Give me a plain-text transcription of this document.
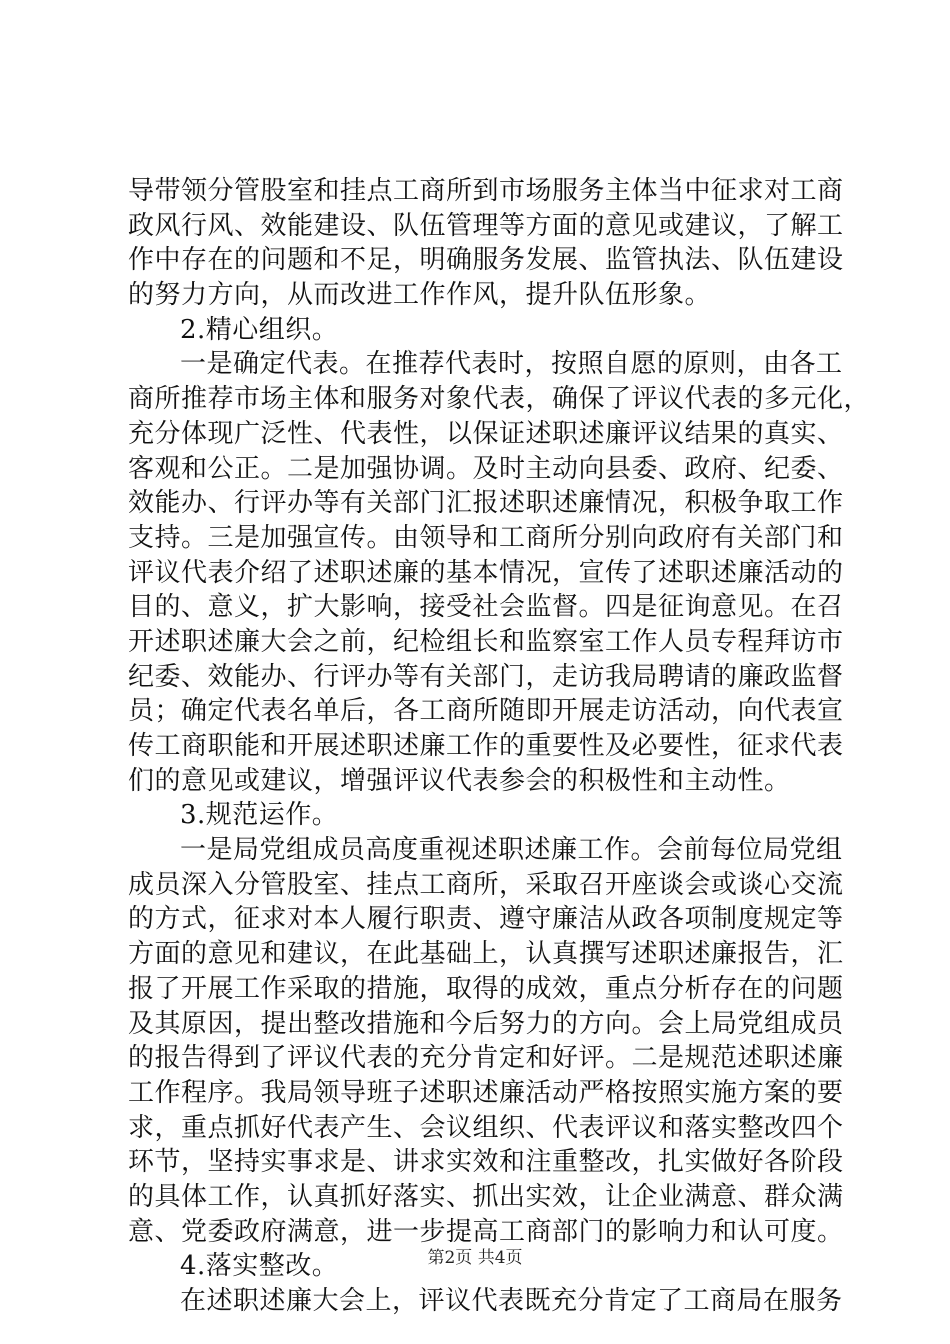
导带领分管股室和挂点工商所到市场服务主体当中征求对工商
政风行风、效能建设、队伍管理等方面的意见或建议，了解工
作中存在的问题和不足，明确服务发展、监管执法、队伍建设
的努力方向，从而改进工作作风，提升队伍形象。
2.精心组织。
一是确定代表。在推荐代表时，按照自愿的原则，由各工
商所推荐市场主体和服务对象代表，确保了评议代表的多元化，
充分体现广泛性、代表性，以保证述职述廉评议结果的真实、
客观和公正。二是加强协调。及时主动向县委、政府、纪委、
效能办、行评办等有关部门汇报述职述廉情况，积极争取工作
支持。三是加强宣传。由领导和工商所分别向政府有关部门和
评议代表介绍了述职述廉的基本情况，宣传了述职述廉活动的
目的、意义，扩大影响，接受社会监督。四是征询意见。在召
开述职述廉大会之前，纪检组长和监察室工作人员专程拜访市
纪委、效能办、行评办等有关部门，走访我局聘请的廉政监督
员；确定代表名单后，各工商所随即开展走访活动，向代表宣
传工商职能和开展述职述廉工作的重要性及必要性，征求代表
们的意见或建议，增强评议代表参会的积极性和主动性。
3.规范运作。
一是局党组成员高度重视述职述廉工作。会前每位局党组
成员深入分管股室、挂点工商所，采取召开座谈会或谈心交流
的方式，征求对本人履行职责、遵守廉洁从政各项制度规定等
方面的意见和建议，在此基础上，认真撰写述职述廉报告，汇
报了开展工作采取的措施，取得的成效，重点分析存在的问题
及其原因，提出整改措施和今后努力的方向。会上局党组成员
的报告得到了评议代表的充分肯定和好评。二是规范述职述廉
工作程序。我局领导班子述职述廉活动严格按照实施方案的要
求，重点抓好代表产生、会议组织、代表评议和落实整改四个
环节，坚持实事求是、讲求实效和注重整改，扎实做好各阶段
的具体工作，认真抓好落实、抓出实效，让企业满意、群众满
意、党委政府满意，进一步提高工商部门的影响力和认可度。
4.落实整改。
在述职述廉大会上，评议代表既充分肯定了工商局在服务
第2页 共4页
